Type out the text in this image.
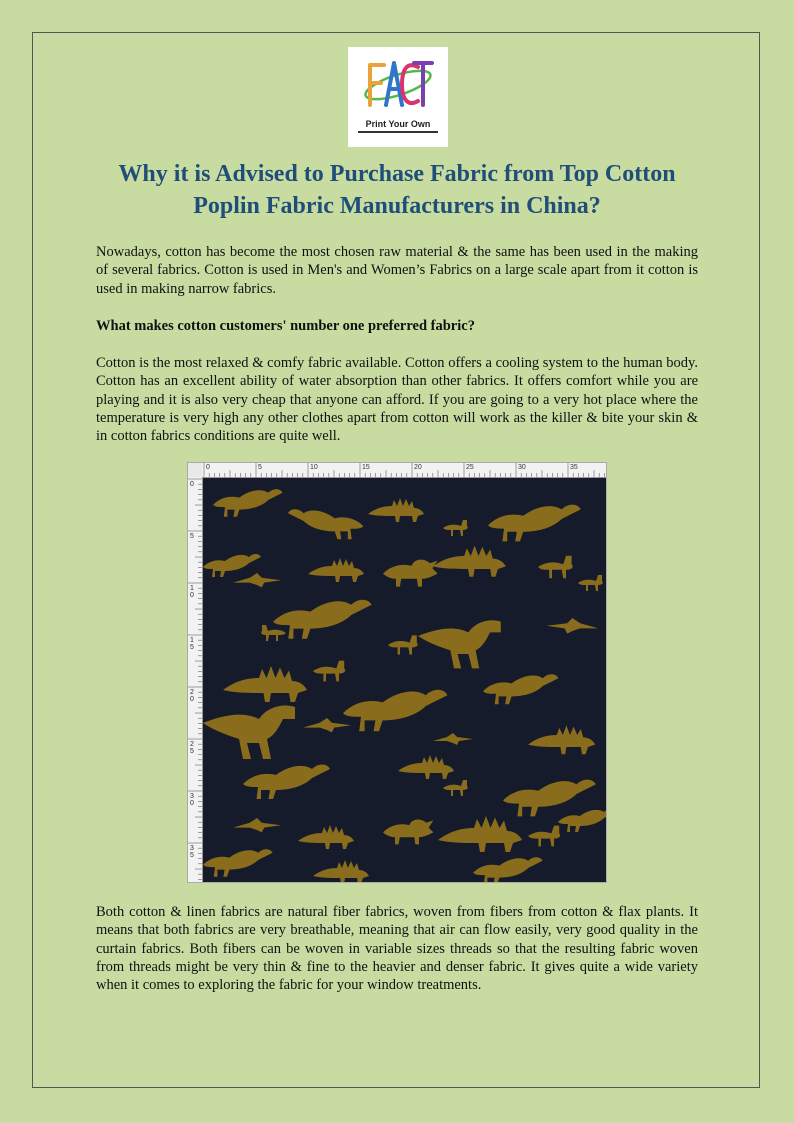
Print Your Own
Why it is Advised to Purchase Fabric from Top Cotton Poplin Fabric Manufacturers in China?

Nowadays, cotton has become the most chosen raw material & the same has been used in the making of several fabrics. Cotton is used in Men's and Women’s Fabrics on a large scale apart from it cotton is used in making narrow fabrics.

What makes cotton customers' number one preferred fabric?

Cotton is the most relaxed & comfy fabric available. Cotton offers a cooling system to the human body. Cotton has an excellent ability of water absorption than other fabrics. It offers comfort while you are playing and it is also very cheap that anyone can afford. If you are going to a very hot place where the temperature is very high any other clothes apart from cotton will work as the killer & bite your skin & in cotton fabrics conditions are quite well.

0	5	10	15	20	25	30	35
0
5
1
0
1
5
2
0
2
5
3
0
3
5

Both cotton & linen fabrics are natural fiber fabrics, woven from fibers from cotton & flax plants. It means that both fabrics are very breathable, meaning that air can flow easily, very good quality in the curtain fabrics. Both fibers can be woven in variable sizes threads so that the resulting fabric woven from threads might be very thin & fine to the heavier and denser fabric. It gives quite a wide variety when it comes to exploring the fabric for your window treatments.
